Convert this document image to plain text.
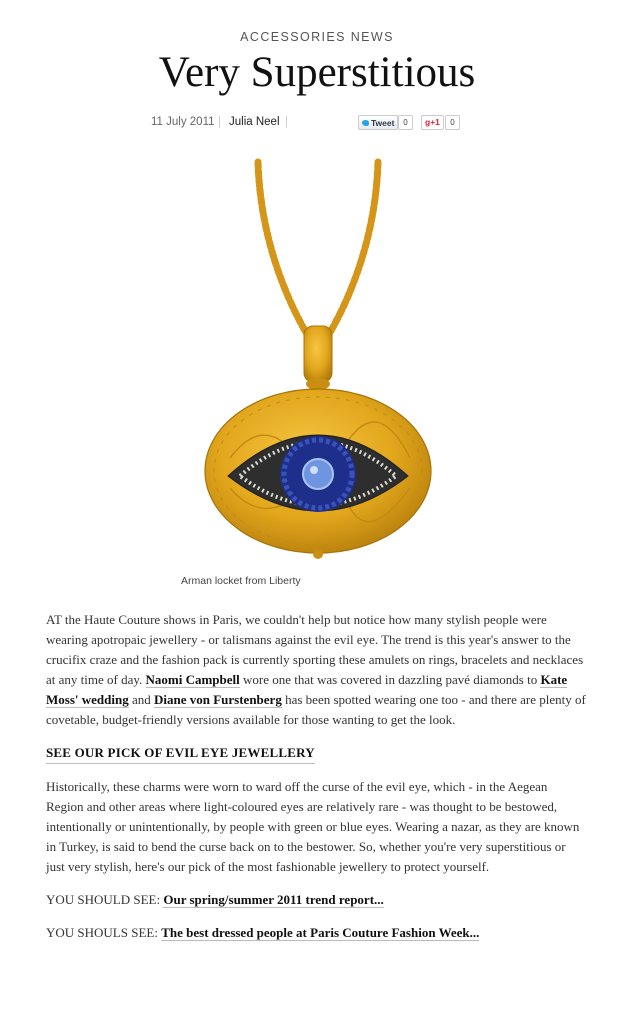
ACCESSORIES NEWS
Very Superstitious
11 July 2011 | Julia Neel |	Tweet	0	g+1	0
Arman locket from Liberty

AT the Haute Couture shows in Paris, we couldn't help but notice how many stylish people were wearing apotropaic jewellery - or talismans against the evil eye. The trend is this year's answer to the crucifix craze and the fashion pack is currently sporting these amulets on rings, bracelets and necklaces at any time of day. Naomi Campbell wore one that was covered in dazzling pavé diamonds to Kate Moss' wedding and Diane von Furstenberg has been spotted wearing one too - and there are plenty of covetable, budget-friendly versions available for those wanting to get the look.

SEE OUR PICK OF EVIL EYE JEWELLERY

Historically, these charms were worn to ward off the curse of the evil eye, which - in the Aegean Region and other areas where light-coloured eyes are relatively rare - was thought to be bestowed, intentionally or unintentionally, by people with green or blue eyes. Wearing a nazar, as they are known in Turkey, is said to bend the curse back on to the bestower. So, whether you're very superstitious or just very stylish, here's our pick of the most fashionable jewellery to protect yourself.

YOU SHOULD SEE: Our spring/summer 2011 trend report...

YOU SHOULS SEE: The best dressed people at Paris Couture Fashion Week...
